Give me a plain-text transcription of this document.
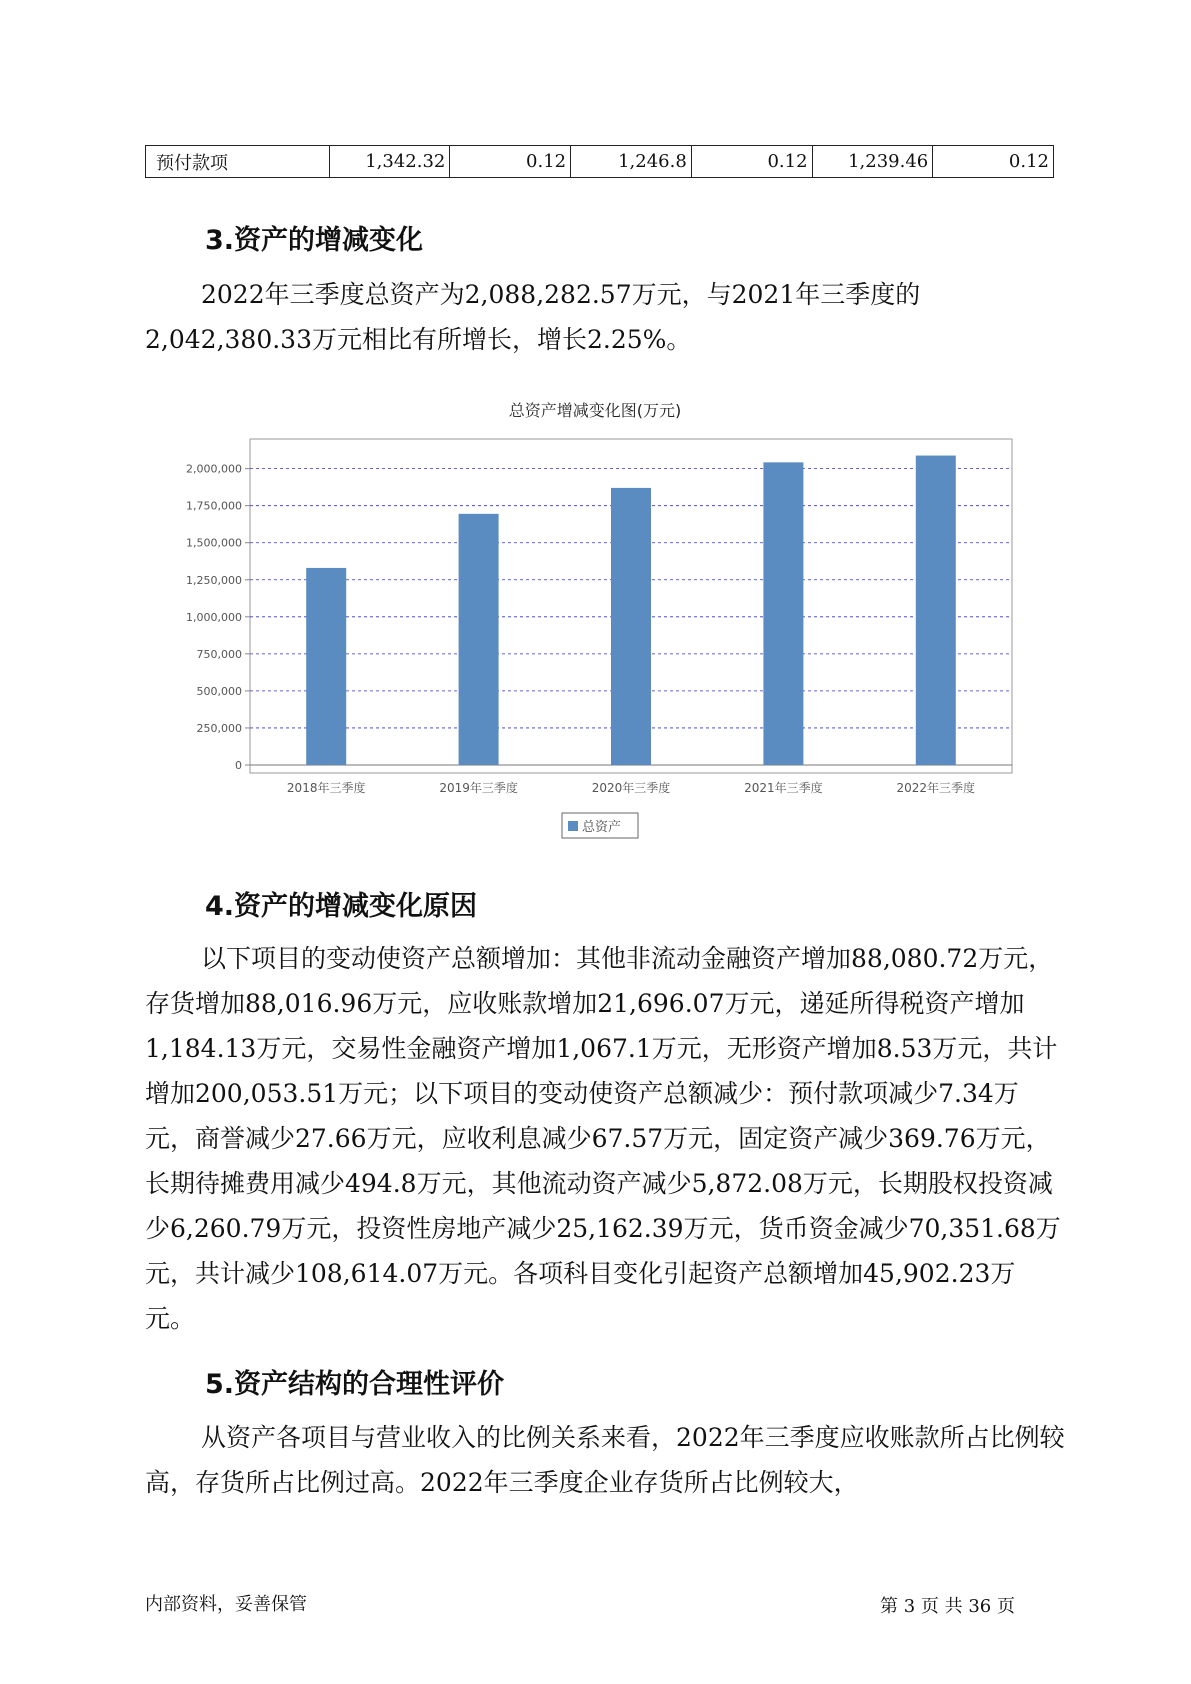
预付款项	1,342.32	0.12	1,246.8	0.12	1,239.46	0.12
3.资产的增减变化

2022年三季度总资产为2,088,282.57万元，与2021年三季度的2,042,380.33万元相比有所增长，增长2.25%。

总资产增减变化图(万元)
0
250,000
500,000
750,000
1,000,000
1,250,000
1,500,000
1,750,000
2,000,000
2018年三季度	2019年三季度	2020年三季度	2021年三季度	2022年三季度
总资产
4.资产的增减变化原因

以下项目的变动使资产总额增加：其他非流动金融资产增加88,080.72万元，存货增加88,016.96万元，应收账款增加21,696.07万元，递延所得税资产增加1,184.13万元，交易性金融资产增加1,067.1万元，无形资产增加8.53万元，共计增加200,053.51万元；以下项目的变动使资产总额减少：预付款项减少7.34万元，商誉减少27.66万元，应收利息减少67.57万元，固定资产减少369.76万元，长期待摊费用减少494.8万元，其他流动资产减少5,872.08万元，长期股权投资减少6,260.79万元，投资性房地产减少25,162.39万元，货币资金减少70,351.68万元，共计减少108,614.07万元。各项科目变化引起资产总额增加45,902.23万元。

5.资产结构的合理性评价

从资产各项目与营业收入的比例关系来看，2022年三季度应收账款所占比例较高，存货所占比例过高。2022年三季度企业存货所占比例较大，

内部资料，妥善保管	第 3 页 共 36 页
